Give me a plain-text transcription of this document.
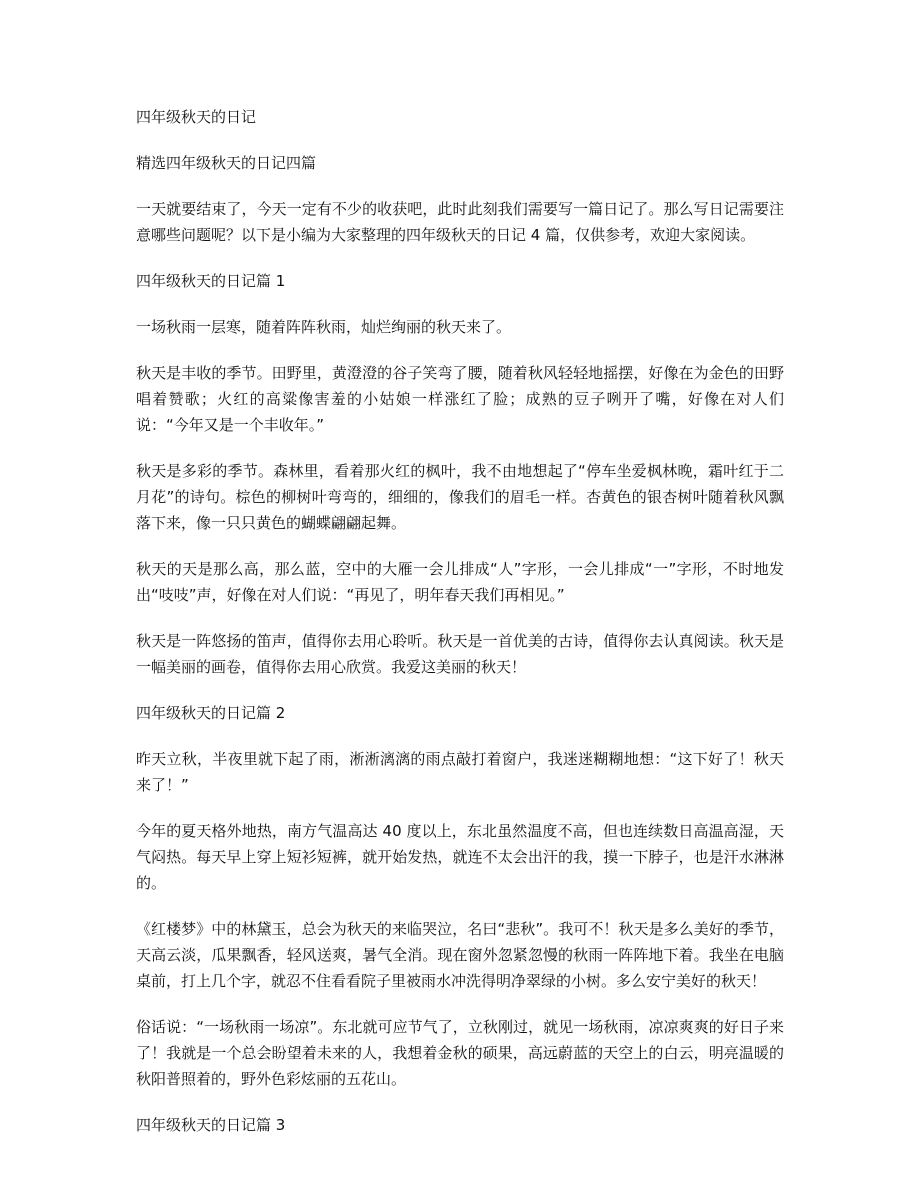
四年级秋天的日记
精选四年级秋天的日记四篇
一天就要结束了，今天一定有不少的收获吧，此时此刻我们需要写一篇日记了。那么写日记需要注意哪些问题呢？以下是小编为大家整理的四年级秋天的日记 4 篇，仅供参考，欢迎大家阅读。
四年级秋天的日记篇 1
一场秋雨一层寒，随着阵阵秋雨，灿烂绚丽的秋天来了。
秋天是丰收的季节。田野里，黄澄澄的谷子笑弯了腰，随着秋风轻轻地摇摆，好像在为金色的田野唱着赞歌；火红的高粱像害羞的小姑娘一样涨红了脸；成熟的豆子咧开了嘴，好像在对人们说：“今年又是一个丰收年。”
秋天是多彩的季节。森林里，看着那火红的枫叶，我不由地想起了“停车坐爱枫林晚，霜叶红于二月花”的诗句。棕色的柳树叶弯弯的，细细的，像我们的眉毛一样。杏黄色的银杏树叶随着秋风飘落下来，像一只只黄色的蝴蝶翩翩起舞。
秋天的天是那么高，那么蓝，空中的大雁一会儿排成“人”字形，一会儿排成“一”字形，不时地发出“吱吱”声，好像在对人们说：“再见了，明年春天我们再相见。”
秋天是一阵悠扬的笛声，值得你去用心聆听。秋天是一首优美的古诗，值得你去认真阅读。秋天是一幅美丽的画卷，值得你去用心欣赏。我爱这美丽的秋天！
四年级秋天的日记篇 2
昨天立秋，半夜里就下起了雨，淅淅漓漓的雨点敲打着窗户，我迷迷糊糊地想：“这下好了！秋天来了！”
今年的夏天格外地热，南方气温高达 40 度以上，东北虽然温度不高，但也连续数日高温高湿，天气闷热。每天早上穿上短衫短裤，就开始发热，就连不太会出汗的我，摸一下脖子，也是汗水淋淋的。
《红楼梦》中的林黛玉，总会为秋天的来临哭泣，名曰“悲秋”。我可不！秋天是多么美好的季节，天高云淡，瓜果飘香，轻风送爽，暑气全消。现在窗外忽紧忽慢的秋雨一阵阵地下着。我坐在电脑桌前，打上几个字，就忍不住看看院子里被雨水冲洗得明净翠绿的小树。多么安宁美好的秋天！
俗话说：“一场秋雨一场凉”。东北就可应节气了，立秋刚过，就见一场秋雨，凉凉爽爽的好日子来了！我就是一个总会盼望着未来的人，我想着金秋的硕果，高远蔚蓝的天空上的白云，明亮温暖的秋阳普照着的，野外色彩炫丽的五花山。
四年级秋天的日记篇 3
